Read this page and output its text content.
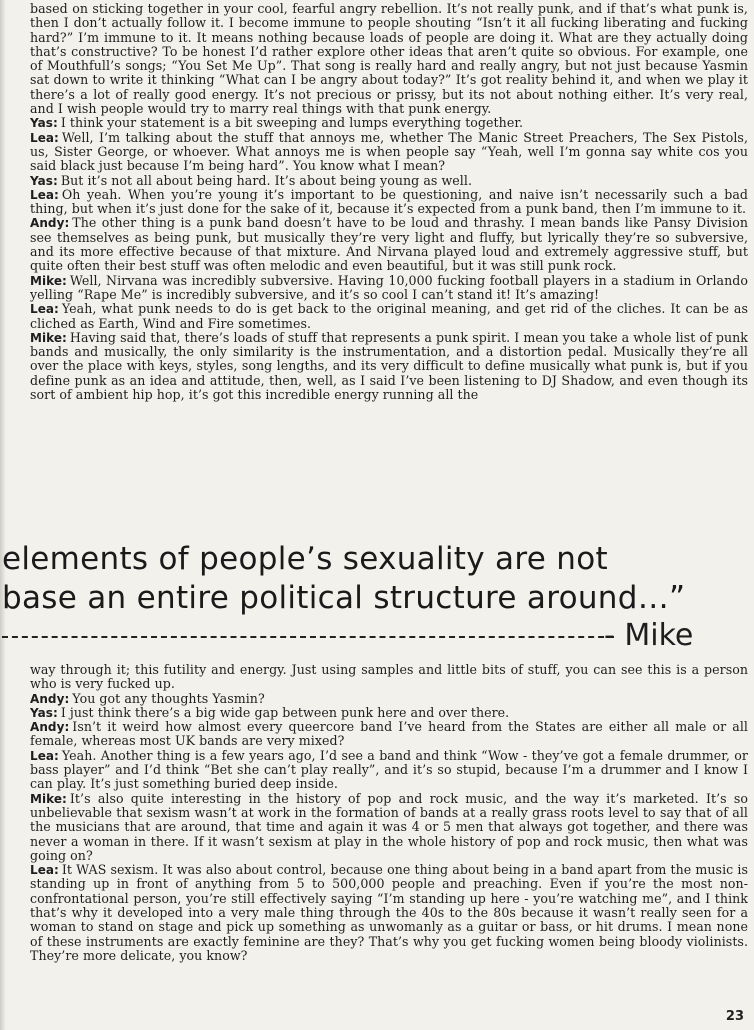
based on sticking together in your cool, fearful angry rebellion. It’s not really punk, and if that’s what punk is, then I don’t actually follow it. I become immune to people shouting “Isn’t it all fucking liberating and fucking hard?” I’m immune to it. It means nothing because loads of people are doing it. What are they actually doing that’s constructive? To be honest I’d rather explore other ideas that aren’t quite so obvious. For example, one of Mouthfull’s songs; “You Set Me Up”. That song is really hard and really angry, but not just because Yasmin sat down to write it thinking “What can I be angry about today?” It’s got reality behind it, and when we play it there’s a lot of really good energy. It’s not precious or prissy, but its not about nothing either. It’s very real, and I wish people would try to marry real things with that punk energy.

Yas: I think your statement is a bit sweeping and lumps everything together.

Lea: Well, I’m talking about the stuff that annoys me, whether The Manic Street Preachers, The Sex Pistols, us, Sister George, or whoever. What annoys me is when people say “Yeah, well I’m gonna say white cos you said black just because I’m being hard”. You know what I mean?

Yas: But it’s not all about being hard. It’s about being young as well.

Lea: Oh yeah. When you’re young it’s important to be questioning, and naive isn’t necessarily such a bad thing, but when it’s just done for the sake of it, because it’s expected from a punk band, then I’m immune to it.

Andy: The other thing is a punk band doesn’t have to be loud and thrashy. I mean bands like Pansy Division see themselves as being punk, but musically they’re very light and fluffy, but lyrically they’re so subversive, and its more effective because of that mixture. And Nirvana played loud and extremely aggressive stuff, but quite often their best stuff was often melodic and even beautiful, but it was still punk rock.

Mike: Well, Nirvana was incredibly subversive. Having 10,000 fucking football players in a stadium in Orlando yelling “Rape Me” is incredibly subversive, and it’s so cool I can’t stand it! It’s amazing!

Lea: Yeah, what punk needs to do is get back to the original meaning, and get rid of the cliches. It can be as cliched as Earth, Wind and Fire sometimes.

Mike: Having said that, there’s loads of stuff that represents a punk spirit. I mean you take a whole list of punk bands and musically, the only similarity is the instrumentation, and a distortion pedal. Musically they’re all over the place with keys, styles, song lengths, and its very difficult to define musically what punk is, but if you define punk as an idea and attitude, then, well, as I said I’ve been listening to DJ Shadow, and even though its sort of ambient hip hop, it’s got this incredible energy running all the

elements of people’s sexuality are not
base an entire political structure around…”
- Mike

way through it; this futility and energy. Just using samples and little bits of stuff, you can see this is a person who is very fucked up.

Andy: You got any thoughts Yasmin?

Yas: I just think there’s a big wide gap between punk here and over there.

Andy: Isn’t it weird how almost every queercore band I’ve heard from the States are either all male or all female, whereas most UK bands are very mixed?

Lea: Yeah. Another thing is a few years ago, I’d see a band and think “Wow - they’ve got a female drummer, or bass player” and I’d think “Bet she can’t play really”, and it’s so stupid, because I’m a drummer and I know I can play. It’s just something buried deep inside.

Mike: It’s also quite interesting in the history of pop and rock music, and the way it’s marketed. It’s so unbelievable that sexism wasn’t at work in the formation of bands at a really grass roots level to say that of all the musicians that are around, that time and again it was 4 or 5 men that always got together, and there was never a woman in there. If it wasn’t sexism at play in the whole history of pop and rock music, then what was going on?

Lea: It WAS sexism. It was also about control, because one thing about being in a band apart from the music is standing up in front of anything from 5 to 500,000 people and preaching. Even if you’re the most non-confrontational person, you’re still effectively saying “I’m standing up here - you’re watching me”, and I think that’s why it developed into a very male thing through the 40s to the 80s because it wasn’t really seen for a woman to stand on stage and pick up something as unwomanly as a guitar or bass, or hit drums. I mean none of these instruments are exactly feminine are they? That’s why you get fucking women being bloody violinists. They’re more delicate, you know?

23
